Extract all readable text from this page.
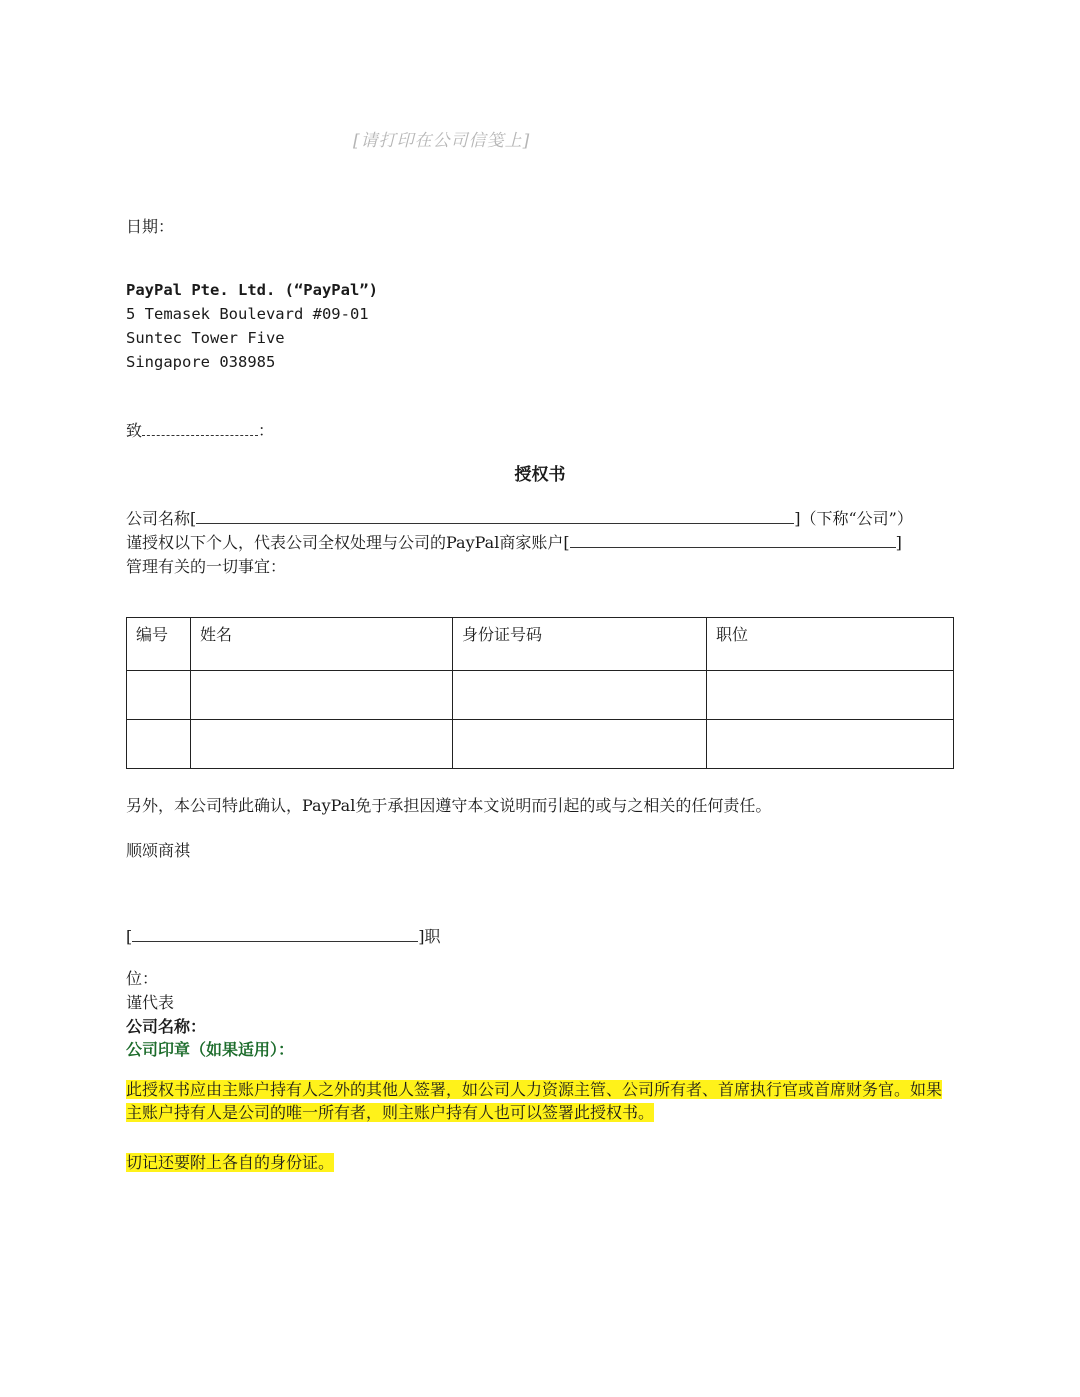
[请打印在公司信笺上]
日期：
PayPal Pte. Ltd. (“PayPal”)
5 Temasek Boulevard #09-01
Suntec Tower Five
Singapore 038985
致	：
授权书
公司名称[	]（下称“公司”）
谨授权以下个人，代表公司全权处理与公司的PayPal商家账户[	]
管理有关的一切事宜：
编号	姓名	身份证号码	职位

另外，本公司特此确认，PayPal免于承担因遵守本文说明而引起的或与之相关的任何责任。
顺颂商祺
[	]职
位：
谨代表
公司名称：
公司印章（如果适用）：
此授权书应由主账户持有人之外的其他人签署，如公司人力资源主管、公司所有者、首席执行官或首席财务官。如果主账户持有人是公司的唯一所有者，则主账户持有人也可以签署此授权书。
切记还要附上各自的身份证。
